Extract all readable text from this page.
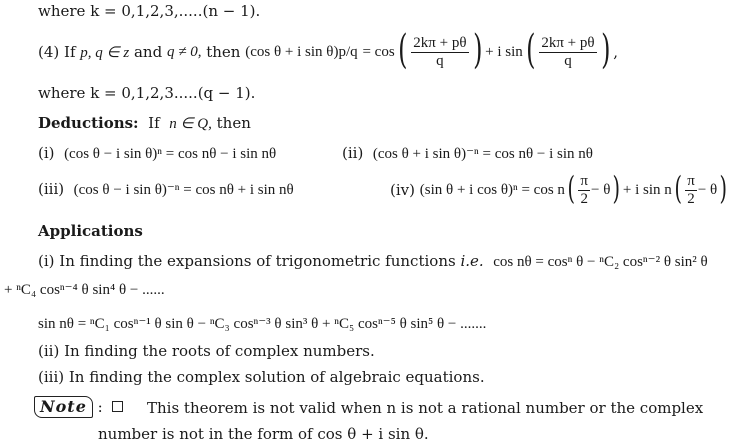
where k = 0,1,2,3,.....(n − 1).
(4) If
p, q ∈ z
and
q ≠ 0,
then
(cos θ + i sin θ) p/q
= cos ( $\frac{2k\pi + p\theta}{q}$ ) + i sin ( $\frac{2k\pi + p\theta}{q}$ ) ,
where k = 0,1,2,3.....(q − 1).
Deductions: If n ∈ Q, then
(i) (cos θ − i sin θ)ⁿ = cos nθ − i sin nθ	(ii) (cos θ + i sin θ)⁻ⁿ = cos nθ − i sin nθ
(iii) (cos θ − i sin θ)⁻ⁿ = cos nθ + i sin nθ	(iv)
(sin θ + i cos θ)ⁿ = cos n ( $\frac{\pi}{2} - \theta$ ) + i sin n ( $\frac{\pi}{2} - \theta$ )
Applications
(i) In finding the expansions of trigonometric functions i.e. cos nθ = cosⁿ θ − ⁿC₂ cosⁿ⁻² θ sin² θ
+ ⁿC₄ cosⁿ⁻⁴ θ sin⁴ θ − ......
sin nθ = ⁿC₁ cosⁿ⁻¹ θ sin θ − ⁿC₃ cosⁿ⁻³ θ sin³ θ + ⁿC₅ cosⁿ⁻⁵ θ sin⁵ θ − .......
(ii) In finding the roots of complex numbers.
(iii) In finding the complex solution of algebraic equations.
Note :	This theorem is not valid when n is not a rational number or the complex
number is not in the form of cos θ + i sin θ.
